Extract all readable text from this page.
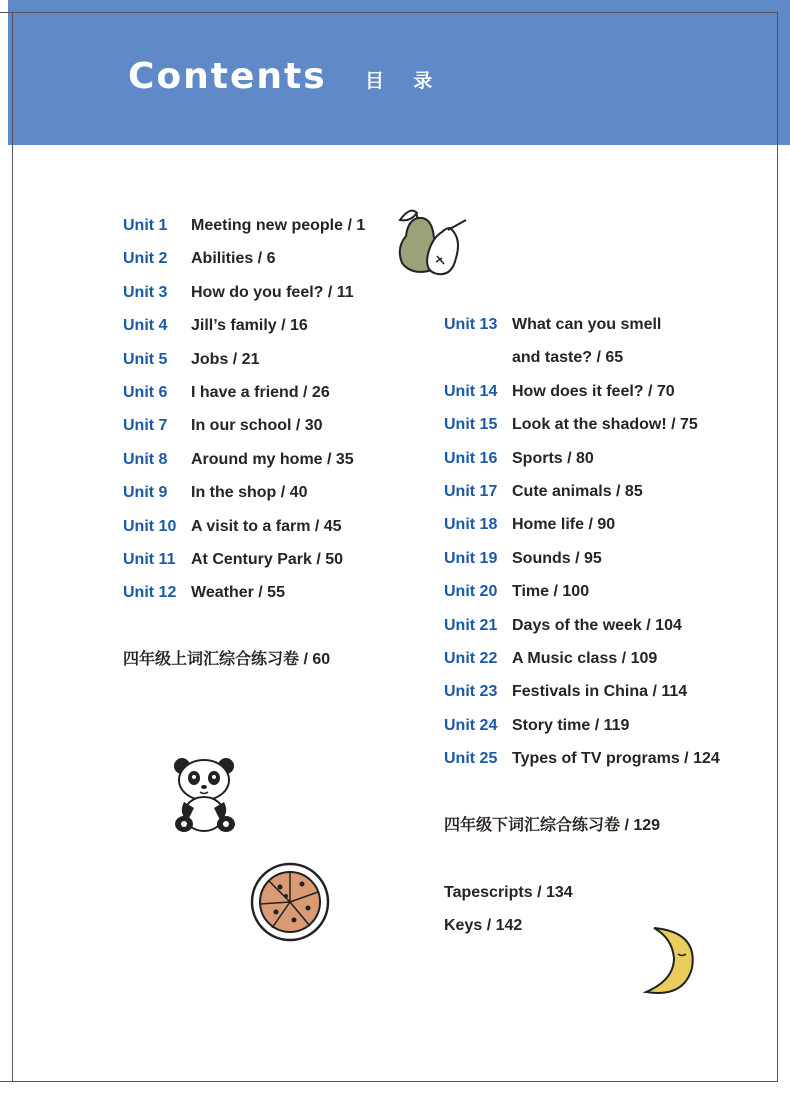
Contents 目 录
Unit 1	Meeting new people / 1
Unit 2	Abilities / 6
Unit 3	How do you feel? / 11
Unit 4	Jill’s family / 16
Unit 5	Jobs / 21
Unit 6	I have a friend / 26
Unit 7	In our school / 30
Unit 8	Around my home / 35
Unit 9	In the shop / 40
Unit 10 A visit to a farm / 45
Unit 11 At Century Park / 50
Unit 12 Weather / 55
四年级上词汇综合练习卷 / 60
Unit 13 What can you smell
and taste? / 65
Unit 14 How does it feel? / 70
Unit 15 Look at the shadow! / 75
Unit 16 Sports / 80
Unit 17 Cute animals / 85
Unit 18 Home life / 90
Unit 19 Sounds / 95
Unit 20 Time / 100
Unit 21 Days of the week / 104
Unit 22 A Music class / 109
Unit 23 Festivals in China / 114
Unit 24 Story time / 119
Unit 25 Types of TV programs / 124
四年级下词汇综合练习卷 / 129
Tapescripts / 134
Keys / 142
